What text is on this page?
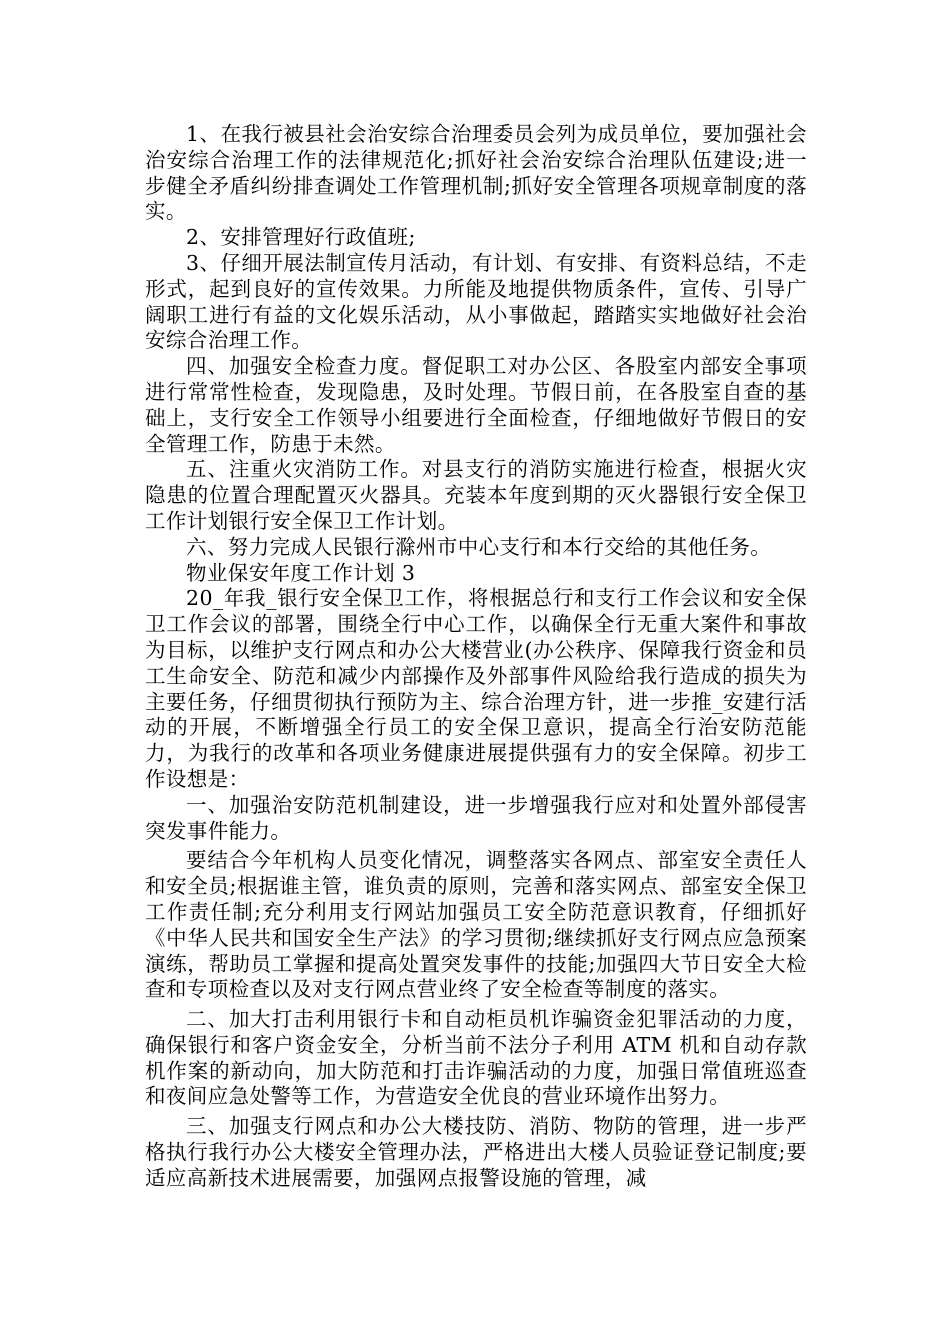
1、在我行被县社会治安综合治理委员会列为成员单位，要加强社会治安综合治理工作的法律规范化;抓好社会治安综合治理队伍建设;进一步健全矛盾纠纷排查调处工作管理机制;抓好安全管理各项规章制度的落实。

2、安排管理好行政值班;

3、仔细开展法制宣传月活动，有计划、有安排、有资料总结，不走形式，起到良好的宣传效果。力所能及地提供物质条件，宣传、引导广阔职工进行有益的文化娱乐活动，从小事做起，踏踏实实地做好社会治安综合治理工作。

四、加强安全检查力度。督促职工对办公区、各股室内部安全事项进行常常性检查，发现隐患，及时处理。节假日前，在各股室自查的基础上，支行安全工作领导小组要进行全面检查，仔细地做好节假日的安全管理工作，防患于未然。

五、注重火灾消防工作。对县支行的消防实施进行检查，根据火灾隐患的位置合理配置灭火器具。充装本年度到期的灭火器银行安全保卫工作计划银行安全保卫工作计划。

六、努力完成人民银行滁州市中心支行和本行交给的其他任务。

物业保安年度工作计划 3

20_年我_银行安全保卫工作，将根据总行和支行工作会议和安全保卫工作会议的部署，围绕全行中心工作，以确保全行无重大案件和事故为目标，以维护支行网点和办公大楼营业(办公秩序、保障我行资金和员工生命安全、防范和减少内部操作及外部事件风险给我行造成的损失为主要任务，仔细贯彻执行预防为主、综合治理方针，进一步推_安建行活动的开展，不断增强全行员工的安全保卫意识，提高全行治安防范能力，为我行的改革和各项业务健康进展提供强有力的安全保障。初步工作设想是：

一、加强治安防范机制建设，进一步增强我行应对和处置外部侵害突发事件能力。

要结合今年机构人员变化情况，调整落实各网点、部室安全责任人和安全员;根据谁主管，谁负责的原则，完善和落实网点、部室安全保卫工作责任制;充分利用支行网站加强员工安全防范意识教育，仔细抓好《中华人民共和国安全生产法》的学习贯彻;继续抓好支行网点应急预案演练，帮助员工掌握和提高处置突发事件的技能;加强四大节日安全大检查和专项检查以及对支行网点营业终了安全检查等制度的落实。

二、加大打击利用银行卡和自动柜员机诈骗资金犯罪活动的力度，确保银行和客户资金安全，分析当前不法分子利用 ATM 机和自动存款机作案的新动向，加大防范和打击诈骗活动的力度，加强日常值班巡查和夜间应急处警等工作，为营造安全优良的营业环境作出努力。

三、加强支行网点和办公大楼技防、消防、物防的管理，进一步严格执行我行办公大楼安全管理办法，严格进出大楼人员验证登记制度;要适应高新技术进展需要，加强网点报警设施的管理，减
